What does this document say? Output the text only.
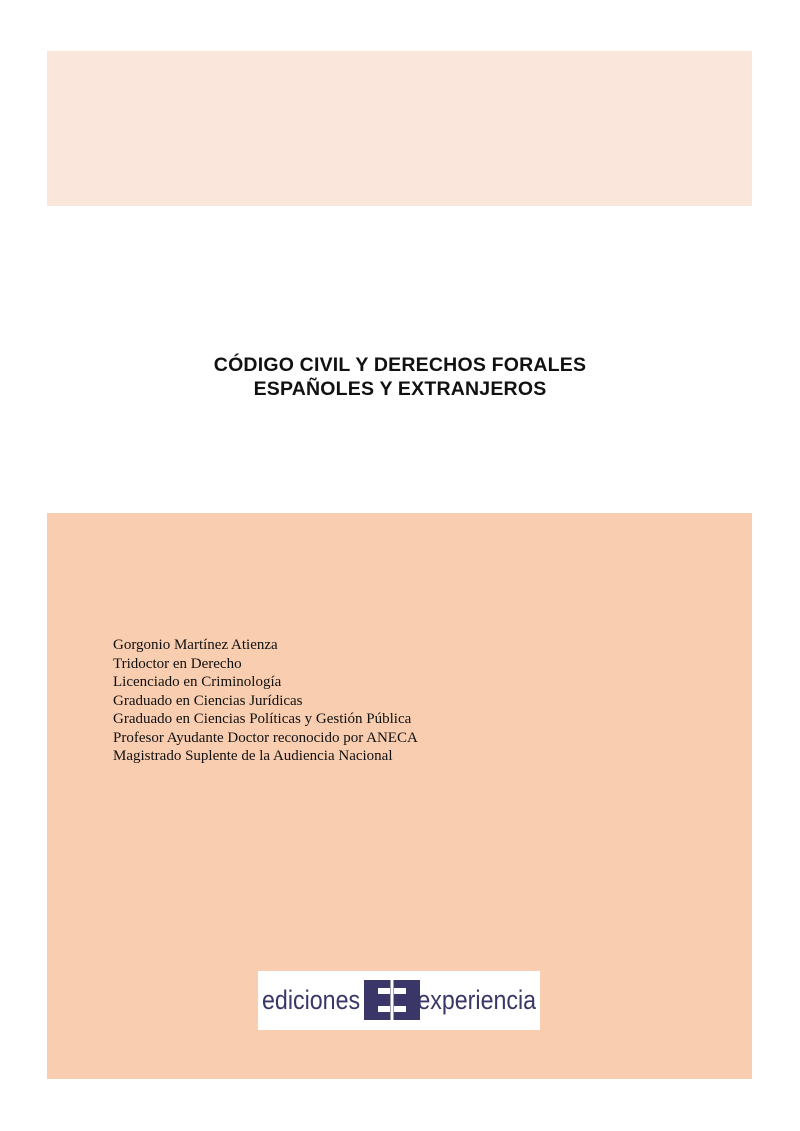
CÓDIGO CIVIL Y DERECHOS FORALES
ESPAÑOLES Y EXTRANJEROS
Gorgonio Martínez Atienza
Tridoctor en Derecho
Licenciado en Criminología
Graduado en Ciencias Jurídicas
Graduado en Ciencias Políticas y Gestión Pública
Profesor Ayudante Doctor reconocido por ANECA
Magistrado Suplente de la Audiencia Nacional
ediciones experiencia
